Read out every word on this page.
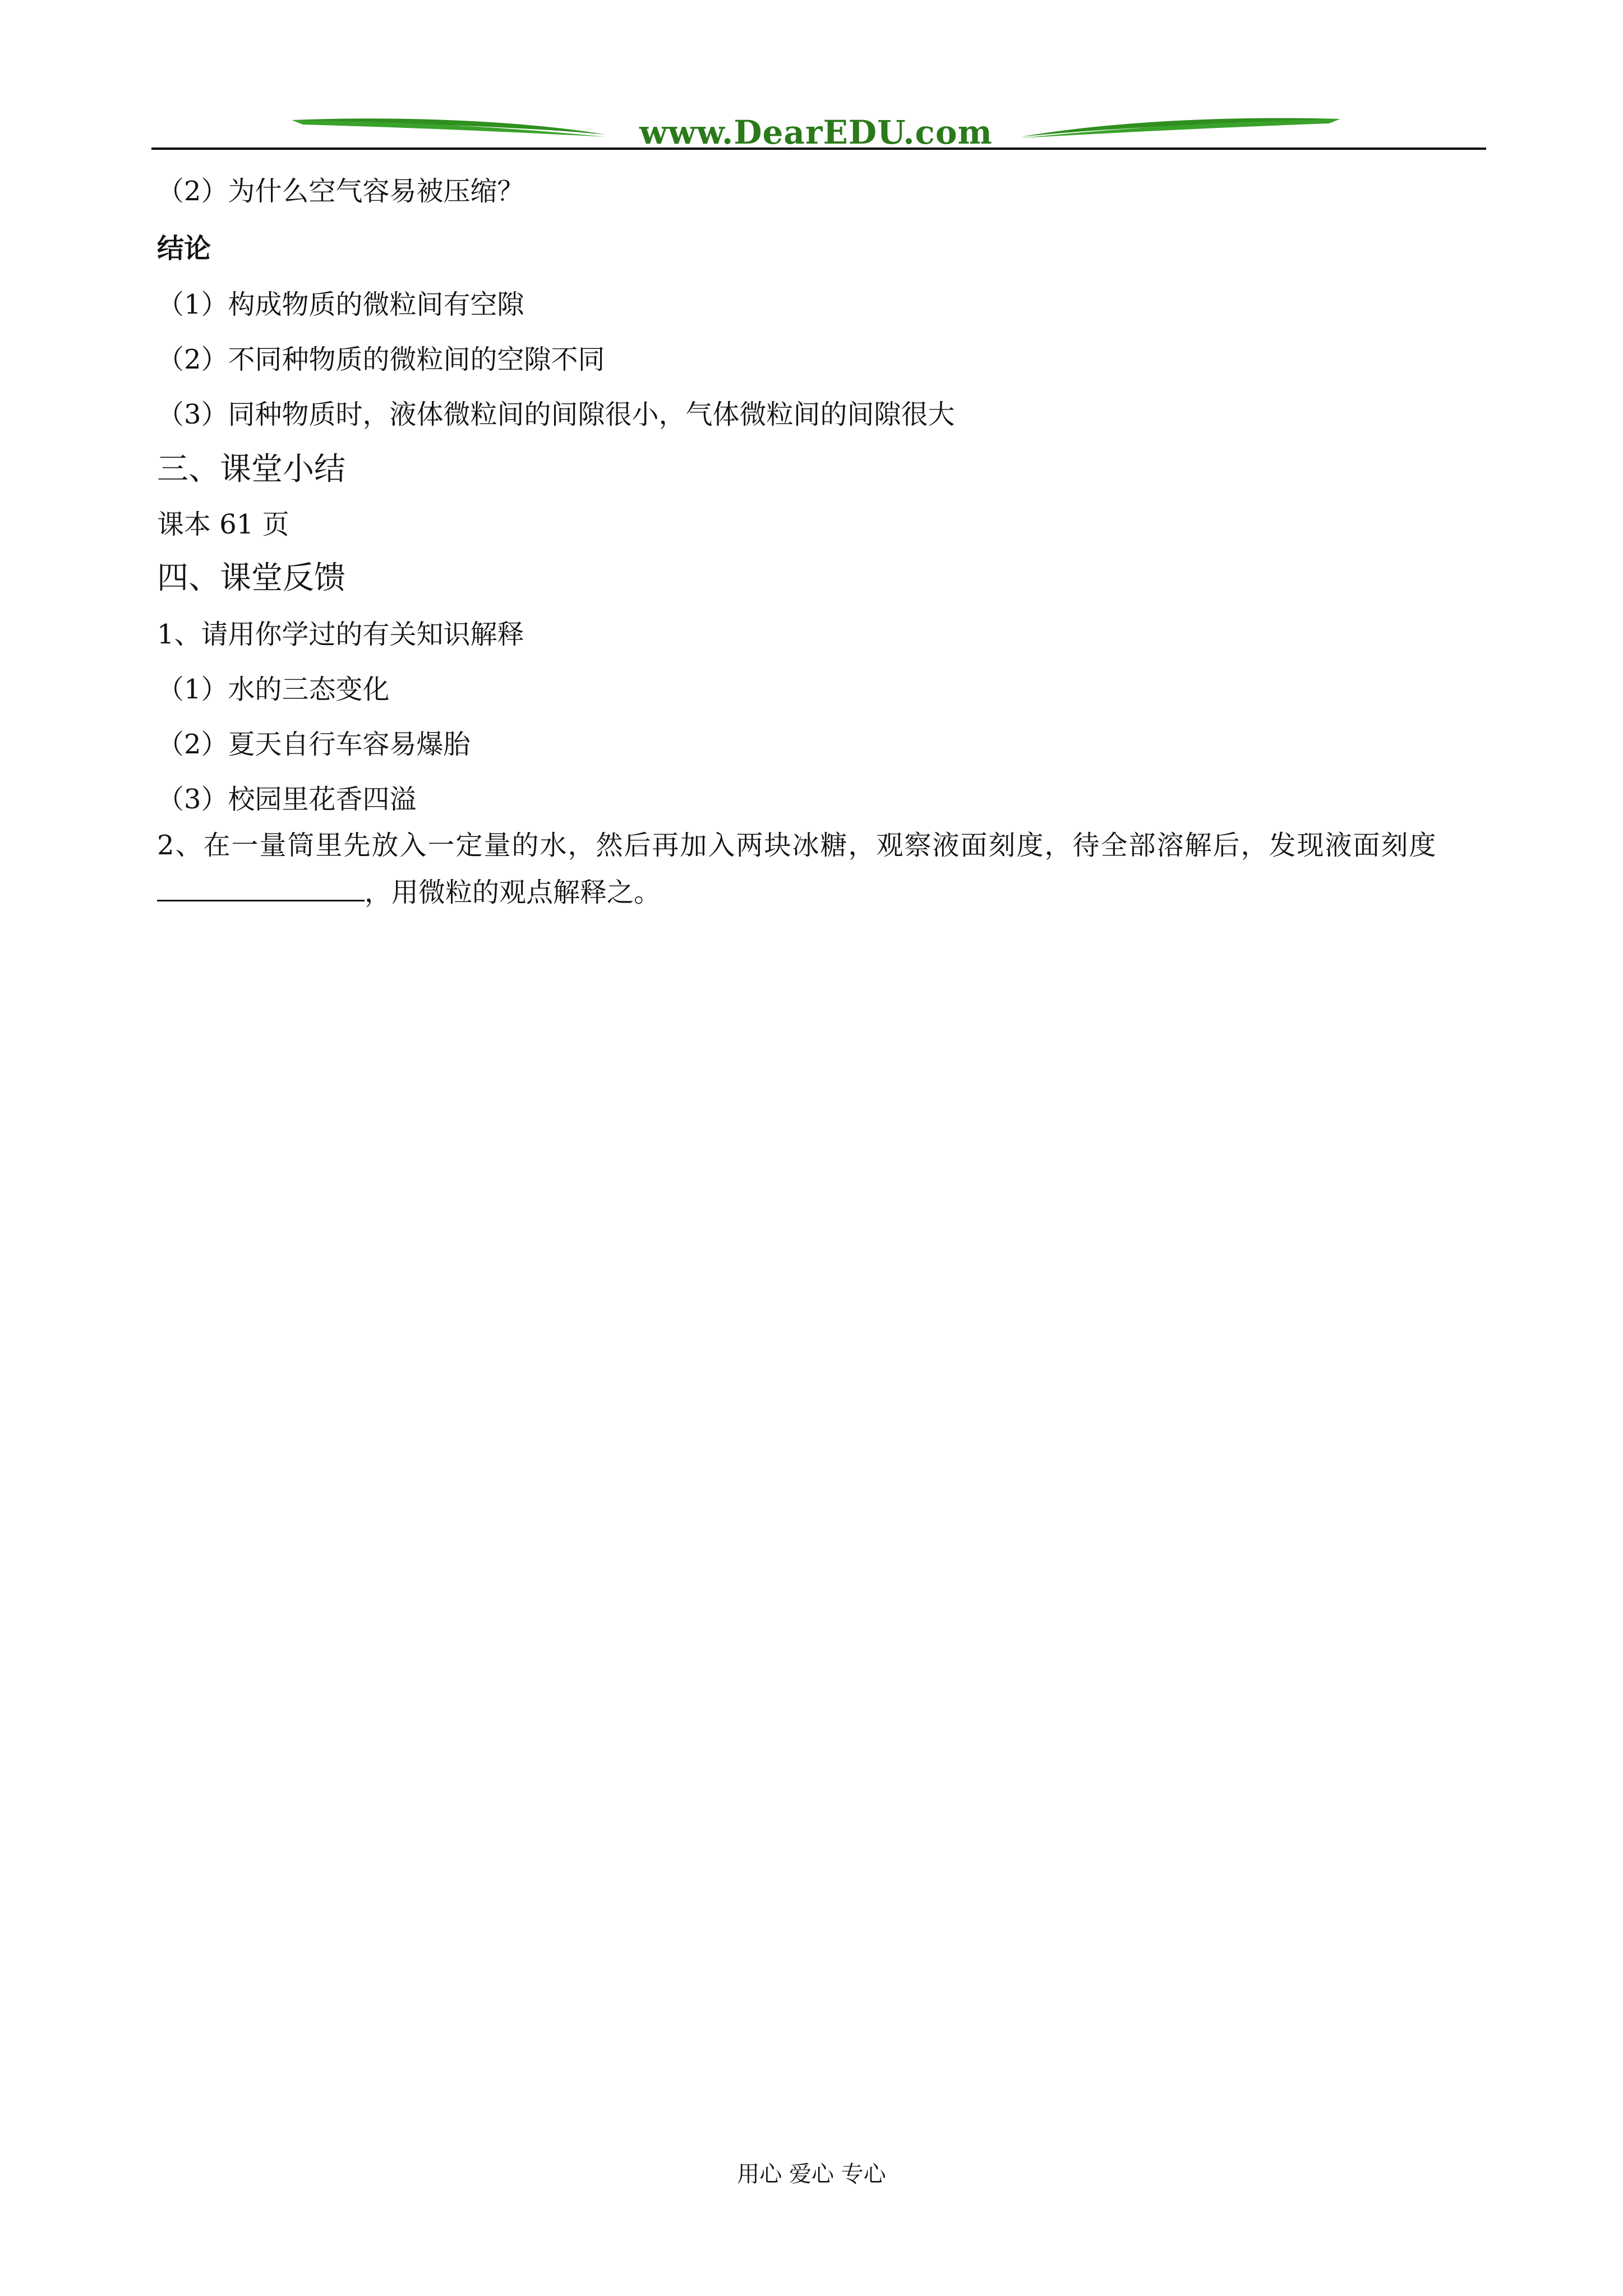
www.DearEDU.com
（2）为什么空气容易被压缩？
结论
（1）构成物质的微粒间有空隙
（2）不同种物质的微粒间的空隙不同
（3）同种物质时，液体微粒间的间隙很小，气体微粒间的间隙很大
三、课堂小结
课本 61 页
四、课堂反馈
1、请用你学过的有关知识解释
（1）水的三态变化
（2）夏天自行车容易爆胎
（3）校园里花香四溢
2、在一量筒里先放入一定量的水，然后再加入两块冰糖，观察液面刻度，待全部溶解后，发现液面刻度
，用微粒的观点解释之。
用心 爱心 专心
